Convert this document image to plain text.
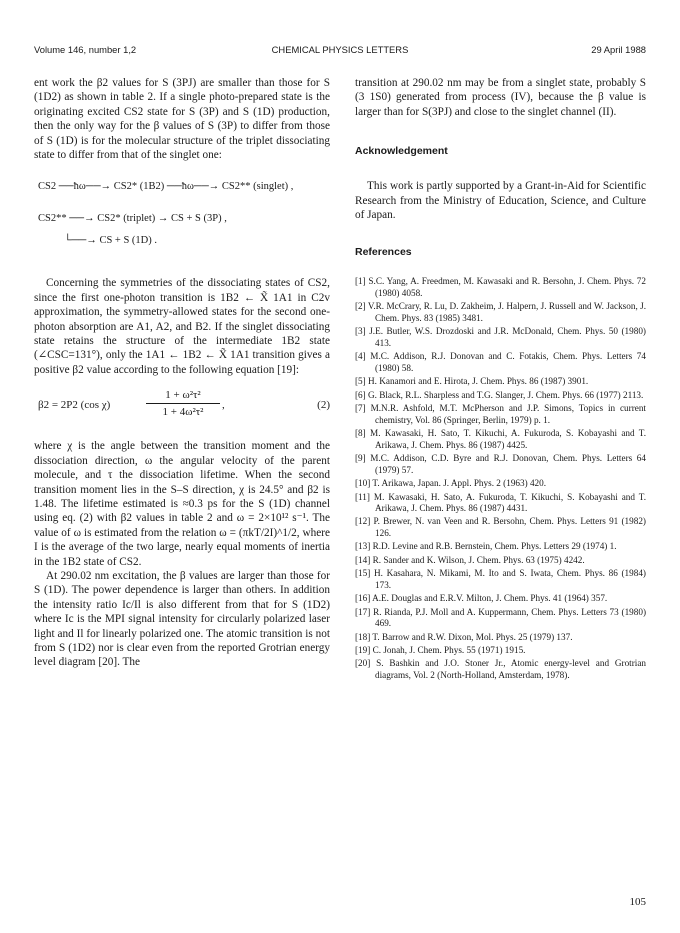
Volume 146, number 1,2	CHEMICAL PHYSICS LETTERS	29 April 1988

ent work the β2 values for S (3PJ) are smaller than those for S (1D2) as shown in table 2. If a single photo-prepared state is the originating excited CS2 state for S (3P) and S (1D) production, then the only way for the β values of S (3P) to differ from those of S (1D) is for the molecular structure of the triplet dissociating state to differ from that of the singlet one:

CS2 ──ħω──→ CS2* (1B2) ──ħω──→ CS2** (singlet) ,
CS2** ──→ CS2* (triplet) → CS + S (3P) ,
└──→ CS + S (1D) .

Concerning the symmetries of the dissociating states of CS2, since the first one-photon transition is 1B2 ← X̃ 1A1 in C2v approximation, the symmetry-allowed states for the second one-photon absorption are A1, A2, and B2. If the singlet dissociating state retains the structure of the intermediate 1B2 state (∠CSC=131°), only the 1A1 ← 1B2 ← X̃ 1A1 transition gives a positive β2 value according to the following equation [19]:

β2 = 2P2 (cos χ)
1 + ω²τ²
1 + 4ω²τ²
,	(2)

where χ is the angle between the transition moment and the dissociation direction, ω the angular velocity of the parent molecule, and τ the dissociation lifetime. When the second transition moment lies in the S–S direction, χ is 24.5° and β2 is 1.48. The lifetime estimated is ≈0.3 ps for the S (1D) channel using eq. (2) with β2 values in table 2 and ω = 2×10¹² s⁻¹. The value of ω is estimated from the relation ω = (πkT/2I)^1/2, where I is the average of the two large, nearly equal moments of inertia in the 1B2 state of CS2.

At 290.02 nm excitation, the β values are larger than those for S (1D). The power dependence is larger than others. In addition the intensity ratio Ic/Il is also different from that for S (1D2) where Ic is the MPI signal intensity for circularly polarized laser light and Il for linearly polarized one. The atomic transition is not from S (1D2) nor is clear even from the reported Grotrian energy level diagram [20]. The

transition at 290.02 nm may be from a singlet state, probably S (3 1S0) generated from process (IV), because the β value is larger than for S(3PJ) and close to the singlet channel (II).

Acknowledgement

This work is partly supported by a Grant-in-Aid for Scientific Research from the Ministry of Education, Science, and Culture of Japan.

References
[1] S.C. Yang, A. Freedmen, M. Kawasaki and R. Bersohn, J. Chem. Phys. 72 (1980) 4058.
[2] V.R. McCrary, R. Lu, D. Zakheim, J. Halpern, J. Russell and W. Jackson, J. Chem. Phys. 83 (1985) 3481.
[3] J.E. Butler, W.S. Drozdoski and J.R. McDonald, Chem. Phys. 50 (1980) 413.
[4] M.C. Addison, R.J. Donovan and C. Fotakis, Chem. Phys. Letters 74 (1980) 58.
[5] H. Kanamori and E. Hirota, J. Chem. Phys. 86 (1987) 3901.
[6] G. Black, R.L. Sharpless and T.G. Slanger, J. Chem. Phys. 66 (1977) 2113.
[7] M.N.R. Ashfold, M.T. McPherson and J.P. Simons, Topics in current chemistry, Vol. 86 (Springer, Berlin, 1979) p. 1.
[8] M. Kawasaki, H. Sato, T. Kikuchi, A. Fukuroda, S. Kobayashi and T. Arikawa, J. Chem. Phys. 86 (1987) 4425.
[9] M.C. Addison, C.D. Byre and R.J. Donovan, Chem. Phys. Letters 64 (1979) 57.
[10] T. Arikawa, Japan. J. Appl. Phys. 2 (1963) 420.
[11] M. Kawasaki, H. Sato, A. Fukuroda, T. Kikuchi, S. Kobayashi and T. Arikawa, J. Chem. Phys. 86 (1987) 4431.
[12] P. Brewer, N. van Veen and R. Bersohn, Chem. Phys. Letters 91 (1982) 126.
[13] R.D. Levine and R.B. Bernstein, Chem. Phys. Letters 29 (1974) 1.
[14] R. Sander and K. Wilson, J. Chem. Phys. 63 (1975) 4242.
[15] H. Kasahara, N. Mikami, M. Ito and S. Iwata, Chem. Phys. 86 (1984) 173.
[16] A.E. Douglas and E.R.V. Milton, J. Chem. Phys. 41 (1964) 357.
[17] R. Rianda, P.J. Moll and A. Kuppermann, Chem. Phys. Letters 73 (1980) 469.
[18] T. Barrow and R.W. Dixon, Mol. Phys. 25 (1979) 137.
[19] C. Jonah, J. Chem. Phys. 55 (1971) 1915.
[20] S. Bashkin and J.O. Stoner Jr., Atomic energy-level and Grotrian diagrams, Vol. 2 (North-Holland, Amsterdam, 1978).
105
